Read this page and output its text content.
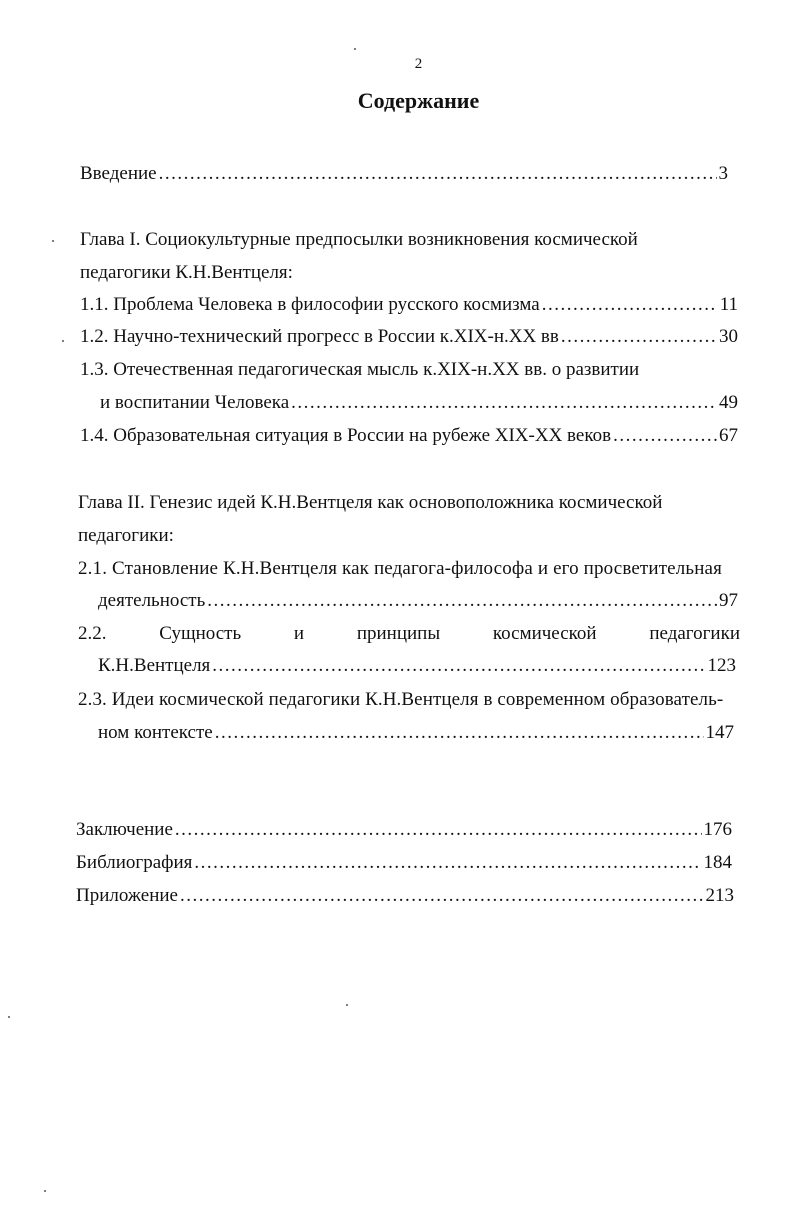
2
Содержание
Введение .....	3
Глава I. Социокультурные предпосылки возникновения космической
педагогики К.Н.Вентцеля:
1.1. Проблема Человека в философии русского космизма .....	11
1.2. Научно-технический прогресс в России к.XIX-н.XX вв .....	30
1.3. Отечественная педагогическая мысль к.XIX-н.XX вв. о развитии
и воспитании Человека .....	49
1.4. Образовательная ситуация в России на рубеже XIX-XX веков .....	67
Глава II. Генезис идей К.Н.Вентцеля как основоположника космической
педагогики:
2.1. Становление К.Н.Вентцеля как педагога-философа и его просветительная
деятельность .....	97
2.2.	Сущность	и	принципы	космической	педагогики
К.Н.Вентцеля .....	123
2.3. Идеи космической педагогики К.Н.Вентцеля в современном образователь-
ном контексте .....	147
Заключение .....	176
Библиография .....	184
Приложение .....	213
